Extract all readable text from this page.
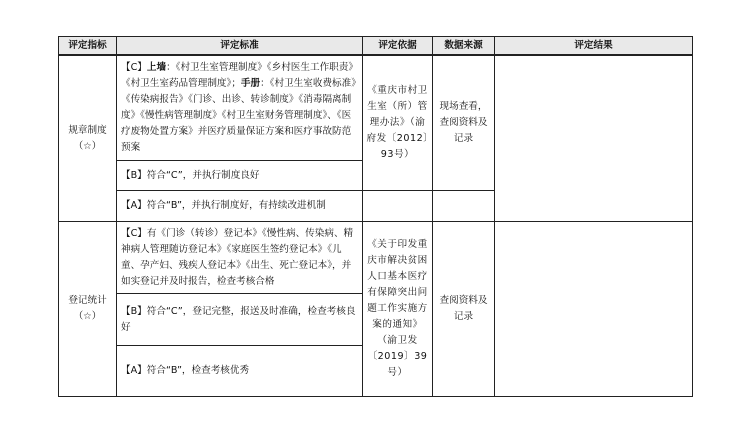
评定指标	评定标准	评定依据	数据来源	评定结果

规章制度
（☆）	【C】上墙：《村卫生室管理制度》《乡村医生工作职责》《村卫生室药品管理制度》；手册：《村卫生室收费标准》《传染病报告》《门诊、出诊、转诊制度》《消毒隔离制度》《慢性病管理制度》《村卫生室财务管理制度》、《医疗废物处置方案》并医疗质量保证方案和医疗事故防范预案	《重庆市村卫生室（所）管理办法》（渝府发〔2012〕93号）	现场查看，查阅资料及记录	
	【B】符合“C”，并执行制度良好			
	【A】符合“B”，并执行制度好，有持续改进机制			

登记统计
（☆）	【C】有《门诊（转诊）登记本》《慢性病、传染病、精神病人管理随访登记本》《家庭医生签约登记本》《儿童、孕产妇、残疾人登记本》《出生、死亡登记本》，并如实登记并及时报告，检查考核合格	《关于印发重庆市解决贫困人口基本医疗有保障突出问题工作实施方案的通知》（渝卫发〔2019〕39号）	查阅资料及记录	
	【B】符合“C”，登记完整，报送及时准确，检查考核良好			
	【A】符合“B”，检查考核优秀			
